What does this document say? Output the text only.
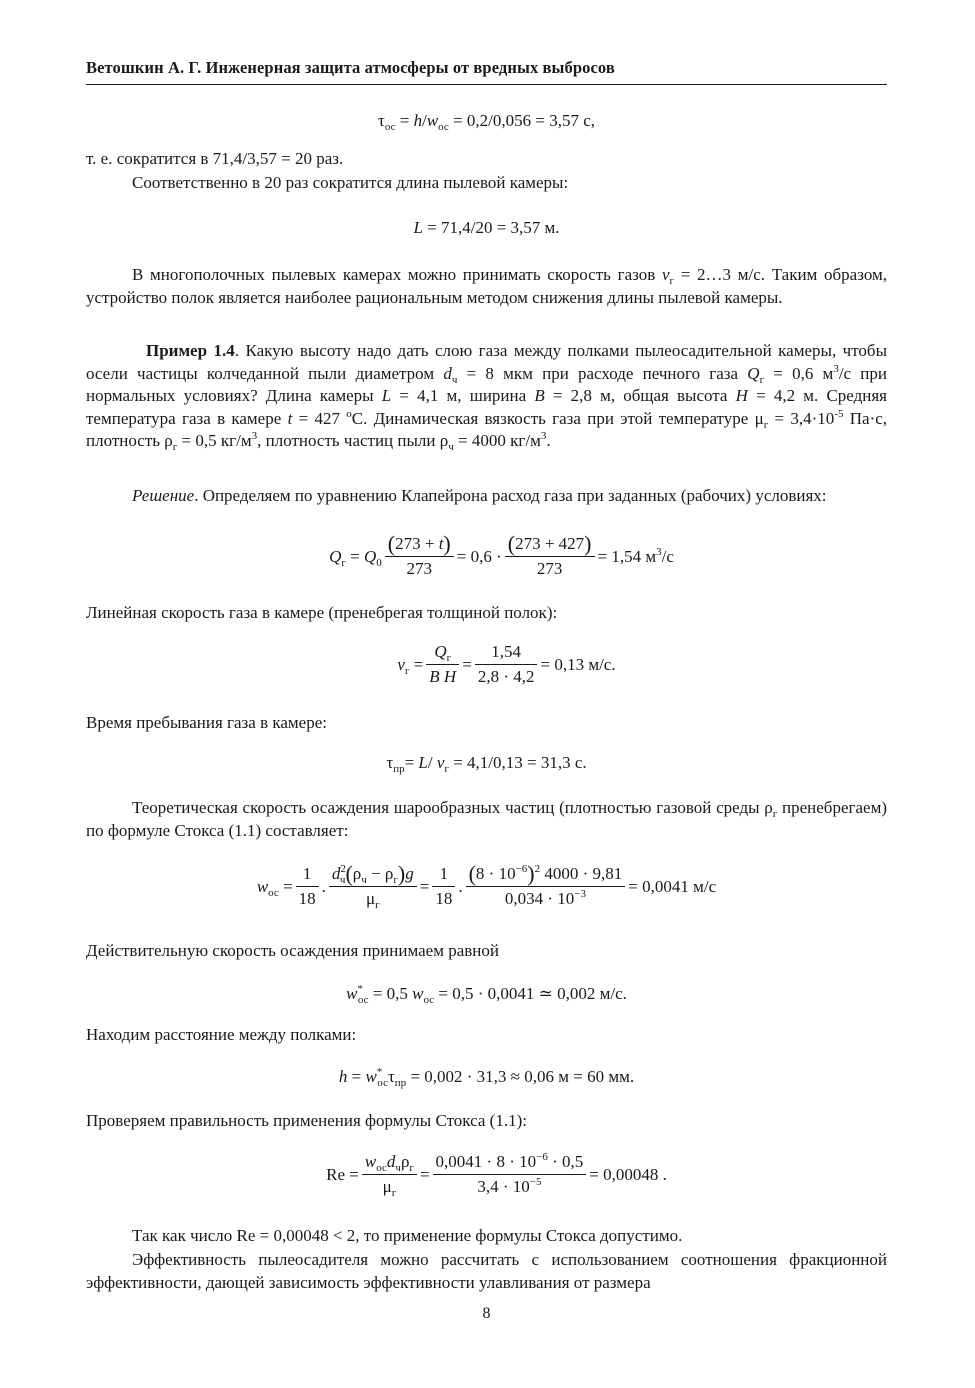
Ветошкин А. Г. Инженерная защита атмосферы от вредных выбросов
$\tau_{ос} = h/w_{ос} = 0,2/0,056 = 3,57$ с,
т. е. сократится в 71,4/3,57 = 20 раз.
Соответственно в 20 раз сократится длина пылевой камеры:
L = 71,4/20 = 3,57 м.
В многополочных пылевых камерах можно принимать скорость газов $v_г$ = 2…3 м/с. Таким образом, устройство полок является наиболее рациональным методом снижения длины пылевой камеры.
Пример 1.4. Какую высоту надо дать слою газа между полками пылеосадительной камеры, чтобы осели частицы колчеданной пыли диаметром $d_ч = 8$ мкм при расходе печного газа $Q_г = 0,6$ $м^3/с$ при нормальных условиях? Длина камеры L = 4,1 м, ширина B = 2,8 м, общая высота H = 4,2 м. Средняя температура газа в камере t = 427 $^o$С. Динамическая вязкость газа при этой температуре $\mu_г = 3,4\cdot 10^{-5}$ Па·с, плотность $\rho_г = 0,5$ $кг/м^3$, плотность частиц пыли $\rho_ч = 4000$ $кг/м^3$.
Решение. Определяем по уравнению Клапейрона расход газа при заданных (рабочих) условиях:
$Q_г = Q_0 \frac{(273 + t)}{273} = 0,6 \cdot \frac{(273 + 427)}{273} = 1,54$ $м^3/с$
Линейная скорость газа в камере (пренебрегая толщиной полок):
$v_г = \frac{Q_г}{\text{B H}} = \frac{1,54}{2,8 \cdot 4,2} = 0,13$ м/с.
Время пребывания газа в камере:
$\tau_{пр}= L/$ $v_г = 4,1/0,13 = 31,3$ с.
Теоретическая скорость осаждения шарообразных частиц (плотностью газовой среды $\rho_г$ пренебрегаем) по формуле Стокса (1.1) составляет:
$w_{ос} = \frac{1}{18}$ . $\frac{d^2_ч(\rho_ч - \rho_г)g}{\mu_г} = \frac{1}{18}$ . $\frac{(8 \cdot 10^{-6})^2 4000 \cdot 9,81}{0,034 \cdot 10^{-3}} = 0,0041$ м/с
Действительную скорость осаждения принимаем равной
$w^*_{ос} = 0,5$ $w_{ос} = 0,5 \cdot 0,0041$ ≃ 0,002 м/с.
Находим расстояние между полками:
$h = w^*_{ос}\tau_{пр} = 0,002 \cdot 31,3 \approx 0,06$ м = 60 мм.
Проверяем правильность применения формулы Стокса (1.1):
$Re = \frac{w_{ос}d_ч\rho_г}{\mu_г} = \frac{0,0041 \cdot 8 \cdot 10^{-6} \cdot 0,5}{3,4 \cdot 10^{-5}} = 0,00048$ .
Так как число Re = 0,00048 < 2, то применение формулы Стокса допустимо.
Эффективность пылеосадителя можно рассчитать с использованием соотношения фракционной эффективности, дающей зависимость эффективности улавливания от размера
8
